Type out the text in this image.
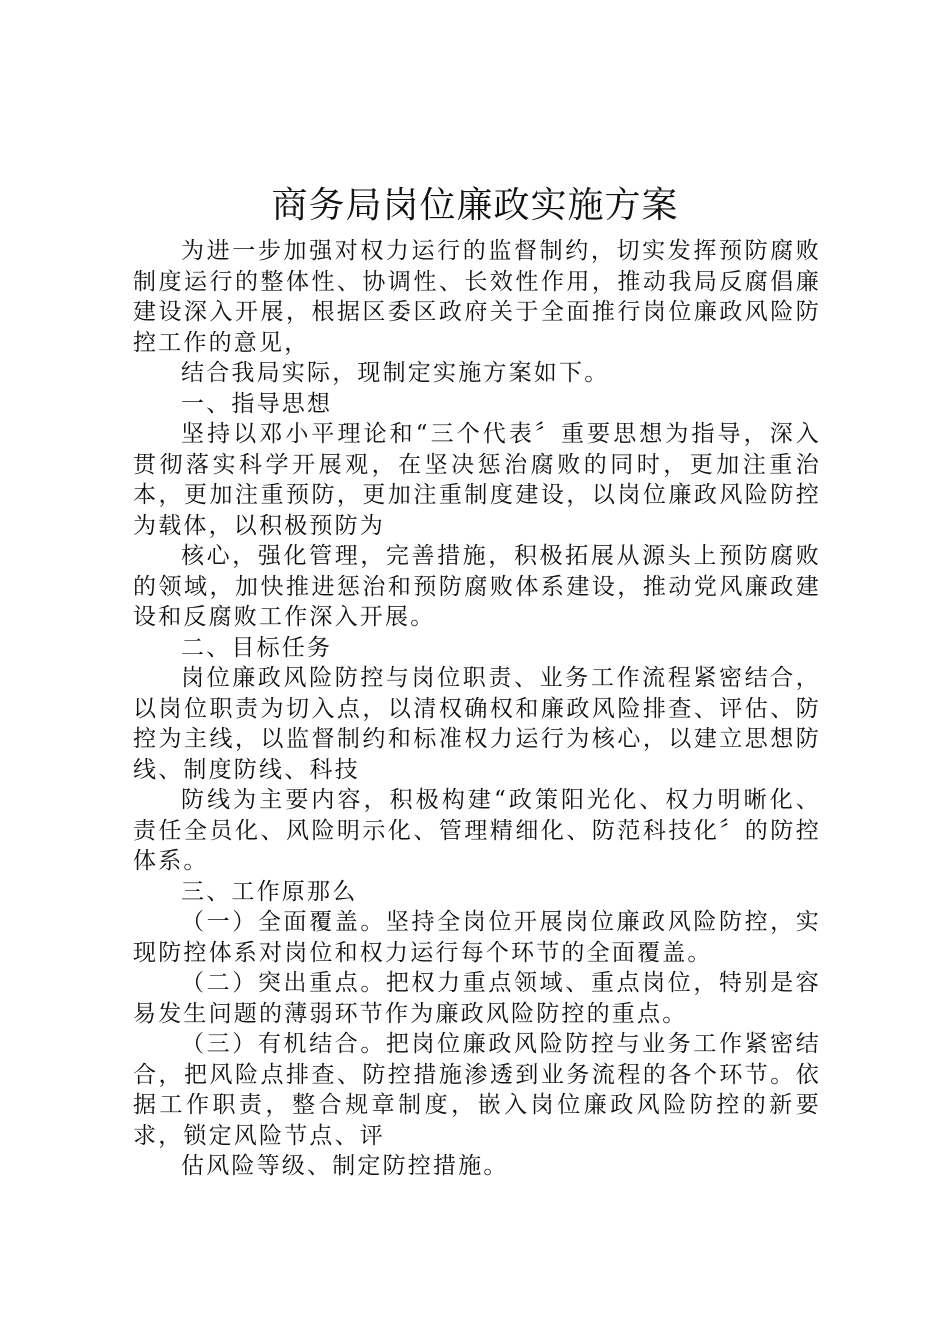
商务局岗位廉政实施方案

为进一步加强对权力运行的监督制约，切实发挥预防腐败制度运行的整体性、协调性、长效性作用，推动我局反腐倡廉建设深入开展，根据区委区政府关于全面推行岗位廉政风险防控工作的意见，

结合我局实际，现制定实施方案如下。

一、指导思想

坚持以邓小平理论和“三个代表〞重要思想为指导，深入贯彻落实科学开展观，在坚决惩治腐败的同时，更加注重治本，更加注重预防，更加注重制度建设，以岗位廉政风险防控为载体，以积极预防为

核心，强化管理，完善措施，积极拓展从源头上预防腐败的领域，加快推进惩治和预防腐败体系建设，推动党风廉政建设和反腐败工作深入开展。

二、目标任务

岗位廉政风险防控与岗位职责、业务工作流程紧密结合，以岗位职责为切入点，以清权确权和廉政风险排查、评估、防控为主线，以监督制约和标准权力运行为核心，以建立思想防线、制度防线、科技

防线为主要内容，积极构建“政策阳光化、权力明晰化、责任全员化、风险明示化、管理精细化、防范科技化〞的防控体系。

三、工作原那么

（一）全面覆盖。坚持全岗位开展岗位廉政风险防控，实现防控体系对岗位和权力运行每个环节的全面覆盖。

（二）突出重点。把权力重点领域、重点岗位，特别是容易发生问题的薄弱环节作为廉政风险防控的重点。

（三）有机结合。把岗位廉政风险防控与业务工作紧密结合，把风险点排查、防控措施渗透到业务流程的各个环节。依据工作职责，整合规章制度，嵌入岗位廉政风险防控的新要求，锁定风险节点、评

估风险等级、制定防控措施。
